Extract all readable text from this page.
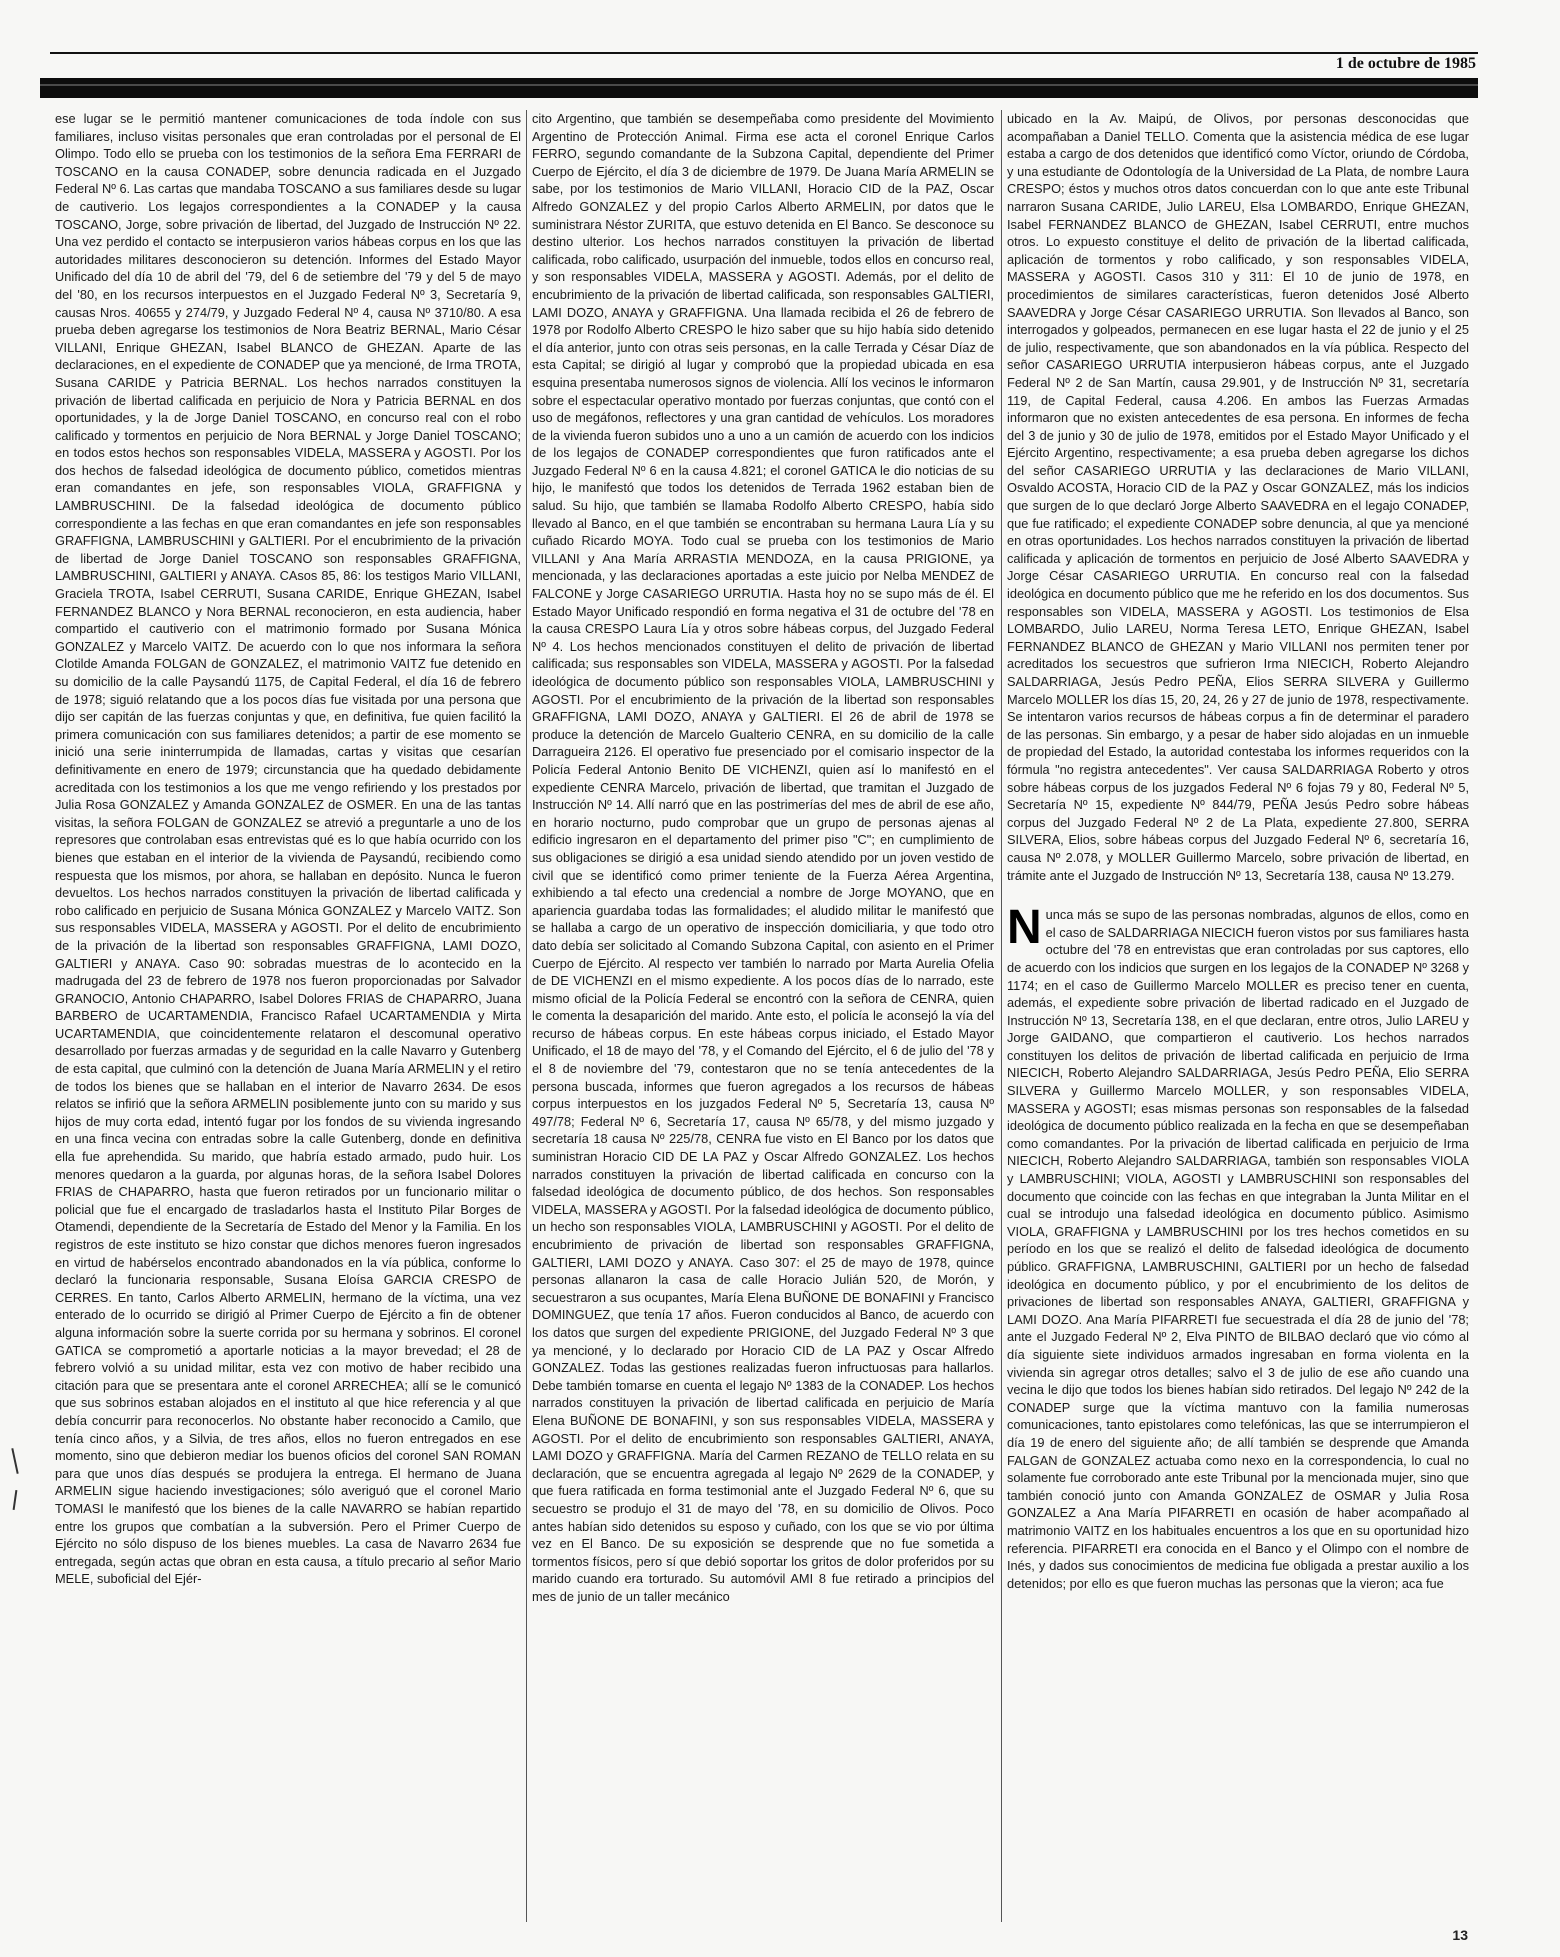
1 de octubre de 1985

ese lugar se le permitió mantener comunicaciones de toda índole con sus familiares, incluso visitas personales que eran controladas por el personal de El Olimpo. Todo ello se prueba con los testimonios de la señora Ema FERRARI de TOSCANO en la causa CONADEP, sobre denuncia radicada en el Juzgado Federal Nº 6. Las cartas que mandaba TOSCANO a sus familiares desde su lugar de cautiverio. Los legajos correspondientes a la CONADEP y la causa TOSCANO, Jorge, sobre privación de libertad, del Juzgado de Instrucción Nº 22. Una vez perdido el contacto se interpusieron varios hábeas corpus en los que las autoridades militares desconocieron su detención. Informes del Estado Mayor Unificado del día 10 de abril del '79, del 6 de setiembre del '79 y del 5 de mayo del '80, en los recursos interpuestos en el Juzgado Federal Nº 3, Secretaría 9, causas Nros. 40655 y 274/79, y Juzgado Federal Nº 4, causa Nº 3710/80. A esa prueba deben agregarse los testimonios de Nora Beatriz BERNAL, Mario César VILLANI, Enrique GHEZAN, Isabel BLANCO de GHEZAN. Aparte de las declaraciones, en el expediente de CONADEP que ya mencioné, de Irma TROTA, Susana CARIDE y Patricia BERNAL. Los hechos narrados constituyen la privación de libertad calificada en perjuicio de Nora y Patricia BERNAL en dos oportunidades, y la de Jorge Daniel TOSCANO, en concurso real con el robo calificado y tormentos en perjuicio de Nora BERNAL y Jorge Daniel TOSCANO; en todos estos hechos son responsables VIDELA, MASSERA y AGOSTI. Por los dos hechos de falsedad ideológica de documento público, cometidos mientras eran comandantes en jefe, son responsables VIOLA, GRAFFIGNA y LAMBRUSCHINI. De la falsedad ideológica de documento público correspondiente a las fechas en que eran comandantes en jefe son responsables GRAFFIGNA, LAMBRUSCHINI y GALTIERI. Por el encubrimiento de la privación de libertad de Jorge Daniel TOSCANO son responsables GRAFFIGNA, LAMBRUSCHINI, GALTIERI y ANAYA. CAsos 85, 86: los testigos Mario VILLANI, Graciela TROTA, Isabel CERRUTI, Susana CARIDE, Enrique GHEZAN, Isabel FERNANDEZ BLANCO y Nora BERNAL reconocieron, en esta audiencia, haber compartido el cautiverio con el matrimonio formado por Susana Mónica GONZALEZ y Marcelo VAITZ. De acuerdo con lo que nos informara la señora Clotilde Amanda FOLGAN de GONZALEZ, el matrimonio VAITZ fue detenido en su domicilio de la calle Paysandú 1175, de Capital Federal, el día 16 de febrero de 1978; siguió relatando que a los pocos días fue visitada por una persona que dijo ser capitán de las fuerzas conjuntas y que, en definitiva, fue quien facilitó la primera comunicación con sus familiares detenidos; a partir de ese momento se inició una serie ininterrumpida de llamadas, cartas y visitas que cesarían definitivamente en enero de 1979; circunstancia que ha quedado debidamente acreditada con los testimonios a los que me vengo refiriendo y los prestados por Julia Rosa GONZALEZ y Amanda GONZALEZ de OSMER. En una de las tantas visitas, la señora FOLGAN de GONZALEZ se atrevió a preguntarle a uno de los represores que controlaban esas entrevistas qué es lo que había ocurrido con los bienes que estaban en el interior de la vivienda de Paysandú, recibiendo como respuesta que los mismos, por ahora, se hallaban en depósito. Nunca le fueron devueltos. Los hechos narrados constituyen la privación de libertad calificada y robo calificado en perjuicio de Susana Mónica GONZALEZ y Marcelo VAITZ. Son sus responsables VIDELA, MASSERA y AGOSTI. Por el delito de encubrimiento de la privación de la libertad son responsables GRAFFIGNA, LAMI DOZO, GALTIERI y ANAYA. Caso 90: sobradas muestras de lo acontecido en la madrugada del 23 de febrero de 1978 nos fueron proporcionadas por Salvador GRANOCIO, Antonio CHAPARRO, Isabel Dolores FRIAS de CHAPARRO, Juana BARBERO de UCARTAMENDIA, Francisco Rafael UCARTAMENDIA y Mirta UCARTAMENDIA, que coincidentemente relataron el descomunal operativo desarrollado por fuerzas armadas y de seguridad en la calle Navarro y Gutenberg de esta capital, que culminó con la detención de Juana María ARMELIN y el retiro de todos los bienes que se hallaban en el interior de Navarro 2634. De esos relatos se infirió que la señora ARMELIN posiblemente junto con su marido y sus hijos de muy corta edad, intentó fugar por los fondos de su vivienda ingresando en una finca vecina con entradas sobre la calle Gutenberg, donde en definitiva ella fue aprehendida. Su marido, que habría estado armado, pudo huir. Los menores quedaron a la guarda, por algunas horas, de la señora Isabel Dolores FRIAS de CHAPARRO, hasta que fueron retirados por un funcionario militar o policial que fue el encargado de trasladarlos hasta el Instituto Pilar Borges de Otamendi, dependiente de la Secretaría de Estado del Menor y la Familia. En los registros de este instituto se hizo constar que dichos menores fueron ingresados en virtud de habérselos encontrado abandonados en la vía pública, conforme lo declaró la funcionaria responsable, Susana Eloísa GARCIA CRESPO de CERRES. En tanto, Carlos Alberto ARMELIN, hermano de la víctima, una vez enterado de lo ocurrido se dirigió al Primer Cuerpo de Ejército a fin de obtener alguna información sobre la suerte corrida por su hermana y sobrinos. El coronel GATICA se comprometió a aportarle noticias a la mayor brevedad; el 28 de febrero volvió a su unidad militar, esta vez con motivo de haber recibido una citación para que se presentara ante el coronel ARRECHEA; allí se le comunicó que sus sobrinos estaban alojados en el instituto al que hice referencia y al que debía concurrir para reconocerlos. No obstante haber reconocido a Camilo, que tenía cinco años, y a Silvia, de tres años, ellos no fueron entregados en ese momento, sino que debieron mediar los buenos oficios del coronel SAN ROMAN para que unos días después se produjera la entrega. El hermano de Juana ARMELIN sigue haciendo investigaciones; sólo averiguó que el coronel Mario TOMASI le manifestó que los bienes de la calle NAVARRO se habían repartido entre los grupos que combatían a la subversión. Pero el Primer Cuerpo de Ejército no sólo dispuso de los bienes muebles. La casa de Navarro 2634 fue entregada, según actas que obran en esta causa, a título precario al señor Mario MELE, suboficial del Ejér-

cito Argentino, que también se desempeñaba como presidente del Movimiento Argentino de Protección Animal. Firma ese acta el coronel Enrique Carlos FERRO, segundo comandante de la Subzona Capital, dependiente del Primer Cuerpo de Ejército, el día 3 de diciembre de 1979. De Juana María ARMELIN se sabe, por los testimonios de Mario VILLANI, Horacio CID de la PAZ, Oscar Alfredo GONZALEZ y del propio Carlos Alberto ARMELIN, por datos que le suministrara Néstor ZURITA, que estuvo detenida en El Banco. Se desconoce su destino ulterior. Los hechos narrados constituyen la privación de libertad calificada, robo calificado, usurpación del inmueble, todos ellos en concurso real, y son responsables VIDELA, MASSERA y AGOSTI. Además, por el delito de encubrimiento de la privación de libertad calificada, son responsables GALTIERI, LAMI DOZO, ANAYA y GRAFFIGNA. Una llamada recibida el 26 de febrero de 1978 por Rodolfo Alberto CRESPO le hizo saber que su hijo había sido detenido el día anterior, junto con otras seis personas, en la calle Terrada y César Díaz de esta Capital; se dirigió al lugar y comprobó que la propiedad ubicada en esa esquina presentaba numerosos signos de violencia. Allí los vecinos le informaron sobre el espectacular operativo montado por fuerzas conjuntas, que contó con el uso de megáfonos, reflectores y una gran cantidad de vehículos. Los moradores de la vivienda fueron subidos uno a uno a un camión de acuerdo con los indicios de los legajos de CONADEP correspondientes que furon ratificados ante el Juzgado Federal Nº 6 en la causa 4.821; el coronel GATICA le dio noticias de su hijo, le manifestó que todos los detenidos de Terrada 1962 estaban bien de salud. Su hijo, que también se llamaba Rodolfo Alberto CRESPO, había sido llevado al Banco, en el que también se encontraban su hermana Laura Lía y su cuñado Ricardo MOYA. Todo cual se prueba con los testimonios de Mario VILLANI y Ana María ARRASTIA MENDOZA, en la causa PRIGIONE, ya mencionada, y las declaraciones aportadas a este juicio por Nelba MENDEZ de FALCONE y Jorge CASARIEGO URRUTIA. Hasta hoy no se supo más de él. El Estado Mayor Unificado respondió en forma negativa el 31 de octubre del '78 en la causa CRESPO Laura Lía y otros sobre hábeas corpus, del Juzgado Federal Nº 4. Los hechos mencionados constituyen el delito de privación de libertad calificada; sus responsables son VIDELA, MASSERA y AGOSTI. Por la falsedad ideológica de documento público son responsables VIOLA, LAMBRUSCHINI y AGOSTI. Por el encubrimiento de la privación de la libertad son responsables GRAFFIGNA, LAMI DOZO, ANAYA y GALTIERI. El 26 de abril de 1978 se produce la detención de Marcelo Gualterio CENRA, en su domicilio de la calle Darragueira 2126. El operativo fue presenciado por el comisario inspector de la Policía Federal Antonio Benito DE VICHENZI, quien así lo manifestó en el expediente CENRA Marcelo, privación de libertad, que tramitan el Juzgado de Instrucción Nº 14. Allí narró que en las postrimerías del mes de abril de ese año, en horario nocturno, pudo comprobar que un grupo de personas ajenas al edificio ingresaron en el departamento del primer piso "C"; en cumplimiento de sus obligaciones se dirigió a esa unidad siendo atendido por un joven vestido de civil que se identificó como primer teniente de la Fuerza Aérea Argentina, exhibiendo a tal efecto una credencial a nombre de Jorge MOYANO, que en apariencia guardaba todas las formalidades; el aludido militar le manifestó que se hallaba a cargo de un operativo de inspección domiciliaria, y que todo otro dato debía ser solicitado al Comando Subzona Capital, con asiento en el Primer Cuerpo de Ejército. Al respecto ver también lo narrado por Marta Aurelia Ofelia de DE VICHENZI en el mismo expediente. A los pocos días de lo narrado, este mismo oficial de la Policía Federal se encontró con la señora de CENRA, quien le comenta la desaparición del marido. Ante esto, el policía le aconsejó la vía del recurso de hábeas corpus. En este hábeas corpus iniciado, el Estado Mayor Unificado, el 18 de mayo del '78, y el Comando del Ejército, el 6 de julio del '78 y el 8 de noviembre del '79, contestaron que no se tenía antecedentes de la persona buscada, informes que fueron agregados a los recursos de hábeas corpus interpuestos en los juzgados Federal Nº 5, Secretaría 13, causa Nº 497/78; Federal Nº 6, Secretaría 17, causa Nº 65/78, y del mismo juzgado y secretaría 18 causa Nº 225/78, CENRA fue visto en El Banco por los datos que suministran Horacio CID DE LA PAZ y Oscar Alfredo GONZALEZ. Los hechos narrados constituyen la privación de libertad calificada en concurso con la falsedad ideológica de documento público, de dos hechos. Son responsables VIDELA, MASSERA y AGOSTI. Por la falsedad ideológica de documento público, un hecho son responsables VIOLA, LAMBRUSCHINI y AGOSTI. Por el delito de encubrimiento de privación de libertad son responsables GRAFFIGNA, GALTIERI, LAMI DOZO y ANAYA. Caso 307: el 25 de mayo de 1978, quince personas allanaron la casa de calle Horacio Julián 520, de Morón, y secuestraron a sus ocupantes, María Elena BUÑONE DE BONAFINI y Francisco DOMINGUEZ, que tenía 17 años. Fueron conducidos al Banco, de acuerdo con los datos que surgen del expediente PRIGIONE, del Juzgado Federal Nº 3 que ya mencioné, y lo declarado por Horacio CID de LA PAZ y Oscar Alfredo GONZALEZ. Todas las gestiones realizadas fueron infructuosas para hallarlos. Debe también tomarse en cuenta el legajo Nº 1383 de la CONADEP. Los hechos narrados constituyen la privación de libertad calificada en perjuicio de María Elena BUÑONE DE BONAFINI, y son sus responsables VIDELA, MASSERA y AGOSTI. Por el delito de encubrimiento son responsables GALTIERI, ANAYA, LAMI DOZO y GRAFFIGNA. María del Carmen REZANO de TELLO relata en su declaración, que se encuentra agregada al legajo Nº 2629 de la CONADEP, y que fuera ratificada en forma testimonial ante el Juzgado Federal Nº 6, que su secuestro se produjo el 31 de mayo del '78, en su domicilio de Olivos. Poco antes habían sido detenidos su esposo y cuñado, con los que se vio por última vez en El Banco. De su exposición se desprende que no fue sometida a tormentos físicos, pero sí que debió soportar los gritos de dolor proferidos por su marido cuando era torturado. Su automóvil AMI 8 fue retirado a principios del mes de junio de un taller mecánico

ubicado en la Av. Maipú, de Olivos, por personas desconocidas que acompañaban a Daniel TELLO. Comenta que la asistencia médica de ese lugar estaba a cargo de dos detenidos que identificó como Víctor, oriundo de Córdoba, y una estudiante de Odontología de la Universidad de La Plata, de nombre Laura CRESPO; éstos y muchos otros datos concuerdan con lo que ante este Tribunal narraron Susana CARIDE, Julio LAREU, Elsa LOMBARDO, Enrique GHEZAN, Isabel FERNANDEZ BLANCO de GHEZAN, Isabel CERRUTI, entre muchos otros. Lo expuesto constituye el delito de privación de la libertad calificada, aplicación de tormentos y robo calificado, y son responsables VIDELA, MASSERA y AGOSTI. Casos 310 y 311: El 10 de junio de 1978, en procedimientos de similares características, fueron detenidos José Alberto SAAVEDRA y Jorge César CASARIEGO URRUTIA. Son llevados al Banco, son interrogados y golpeados, permanecen en ese lugar hasta el 22 de junio y el 25 de julio, respectivamente, que son abandonados en la vía pública. Respecto del señor CASARIEGO URRUTIA interpusieron hábeas corpus, ante el Juzgado Federal Nº 2 de San Martín, causa 29.901, y de Instrucción Nº 31, secretaría 119, de Capital Federal, causa 4.206. En ambos las Fuerzas Armadas informaron que no existen antecedentes de esa persona. En informes de fecha del 3 de junio y 30 de julio de 1978, emitidos por el Estado Mayor Unificado y el Ejército Argentino, respectivamente; a esa prueba deben agregarse los dichos del señor CASARIEGO URRUTIA y las declaraciones de Mario VILLANI, Osvaldo ACOSTA, Horacio CID de la PAZ y Oscar GONZALEZ, más los indicios que surgen de lo que declaró Jorge Alberto SAAVEDRA en el legajo CONADEP, que fue ratificado; el expediente CONADEP sobre denuncia, al que ya mencioné en otras oportunidades. Los hechos narrados constituyen la privación de libertad calificada y aplicación de tormentos en perjuicio de José Alberto SAAVEDRA y Jorge César CASARIEGO URRUTIA. En concurso real con la falsedad ideológica en documento público que me he referido en los dos documentos. Sus responsables son VIDELA, MASSERA y AGOSTI. Los testimonios de Elsa LOMBARDO, Julio LAREU, Norma Teresa LETO, Enrique GHEZAN, Isabel FERNANDEZ BLANCO de GHEZAN y Mario VILLANI nos permiten tener por acreditados los secuestros que sufrieron Irma NIECICH, Roberto Alejandro SALDARRIAGA, Jesús Pedro PEÑA, Elios SERRA SILVERA y Guillermo Marcelo MOLLER los días 15, 20, 24, 26 y 27 de junio de 1978, respectivamente. Se intentaron varios recursos de hábeas corpus a fin de determinar el paradero de las personas. Sin embargo, y a pesar de haber sido alojadas en un inmueble de propiedad del Estado, la autoridad contestaba los informes requeridos con la fórmula "no registra antecedentes". Ver causa SALDARRIAGA Roberto y otros sobre hábeas corpus de los juzgados Federal Nº 6 fojas 79 y 80, Federal Nº 5, Secretaría Nº 15, expediente Nº 844/79, PEÑA Jesús Pedro sobre hábeas corpus del Juzgado Federal Nº 2 de La Plata, expediente 27.800, SERRA SILVERA, Elios, sobre hábeas corpus del Juzgado Federal Nº 6, secretaría 16, causa Nº 2.078, y MOLLER Guillermo Marcelo, sobre privación de libertad, en trámite ante el Juzgado de Instrucción Nº 13, Secretaría 138, causa Nº 13.279.

Nunca más se supo de las personas nombradas, algunos de ellos, como en el caso de SALDARRIAGA NIECICH fueron vistos por sus familiares hasta octubre del '78 en entrevistas que eran controladas por sus captores, ello de acuerdo con los indicios que surgen en los legajos de la CONADEP Nº 3268 y 1174; en el caso de Guillermo Marcelo MOLLER es preciso tener en cuenta, además, el expediente sobre privación de libertad radicado en el Juzgado de Instrucción Nº 13, Secretaría 138, en el que declaran, entre otros, Julio LAREU y Jorge GAIDANO, que compartieron el cautiverio. Los hechos narrados constituyen los delitos de privación de libertad calificada en perjuicio de Irma NIECICH, Roberto Alejandro SALDARRIAGA, Jesús Pedro PEÑA, Elio SERRA SILVERA y Guillermo Marcelo MOLLER, y son responsables VIDELA, MASSERA y AGOSTI; esas mismas personas son responsables de la falsedad ideológica de documento público realizada en la fecha en que se desempeñaban como comandantes. Por la privación de libertad calificada en perjuicio de Irma NIECICH, Roberto Alejandro SALDARRIAGA, también son responsables VIOLA y LAMBRUSCHINI; VIOLA, AGOSTI y LAMBRUSCHINI son responsables del documento que coincide con las fechas en que integraban la Junta Militar en el cual se introdujo una falsedad ideológica en documento público. Asimismo VIOLA, GRAFFIGNA y LAMBRUSCHINI por los tres hechos cometidos en su período en los que se realizó el delito de falsedad ideológica de documento público. GRAFFIGNA, LAMBRUSCHINI, GALTIERI por un hecho de falsedad ideológica en documento público, y por el encubrimiento de los delitos de privaciones de libertad son responsables ANAYA, GALTIERI, GRAFFIGNA y LAMI DOZO. Ana María PIFARRETI fue secuestrada el día 28 de junio del '78; ante el Juzgado Federal Nº 2, Elva PINTO de BILBAO declaró que vio cómo al día siguiente siete individuos armados ingresaban en forma violenta en la vivienda sin agregar otros detalles; salvo el 3 de julio de ese año cuando una vecina le dijo que todos los bienes habían sido retirados. Del legajo Nº 242 de la CONADEP surge que la víctima mantuvo con la familia numerosas comunicaciones, tanto epistolares como telefónicas, las que se interrumpieron el día 19 de enero del siguiente año; de allí también se desprende que Amanda FALGAN de GONZALEZ actuaba como nexo en la correspondencia, lo cual no solamente fue corroborado ante este Tribunal por la mencionada mujer, sino que también conoció junto con Amanda GONZALEZ de OSMAR y Julia Rosa GONZALEZ a Ana María PIFARRETI en ocasión de haber acompañado al matrimonio VAITZ en los habituales encuentros a los que en su oportunidad hizo referencia. PIFARRETI era conocida en el Banco y el Olimpo con el nombre de Inés, y dados sus conocimientos de medicina fue obligada a prestar auxilio a los detenidos; por ello es que fueron muchas las personas que la vieron; aca fue

13
